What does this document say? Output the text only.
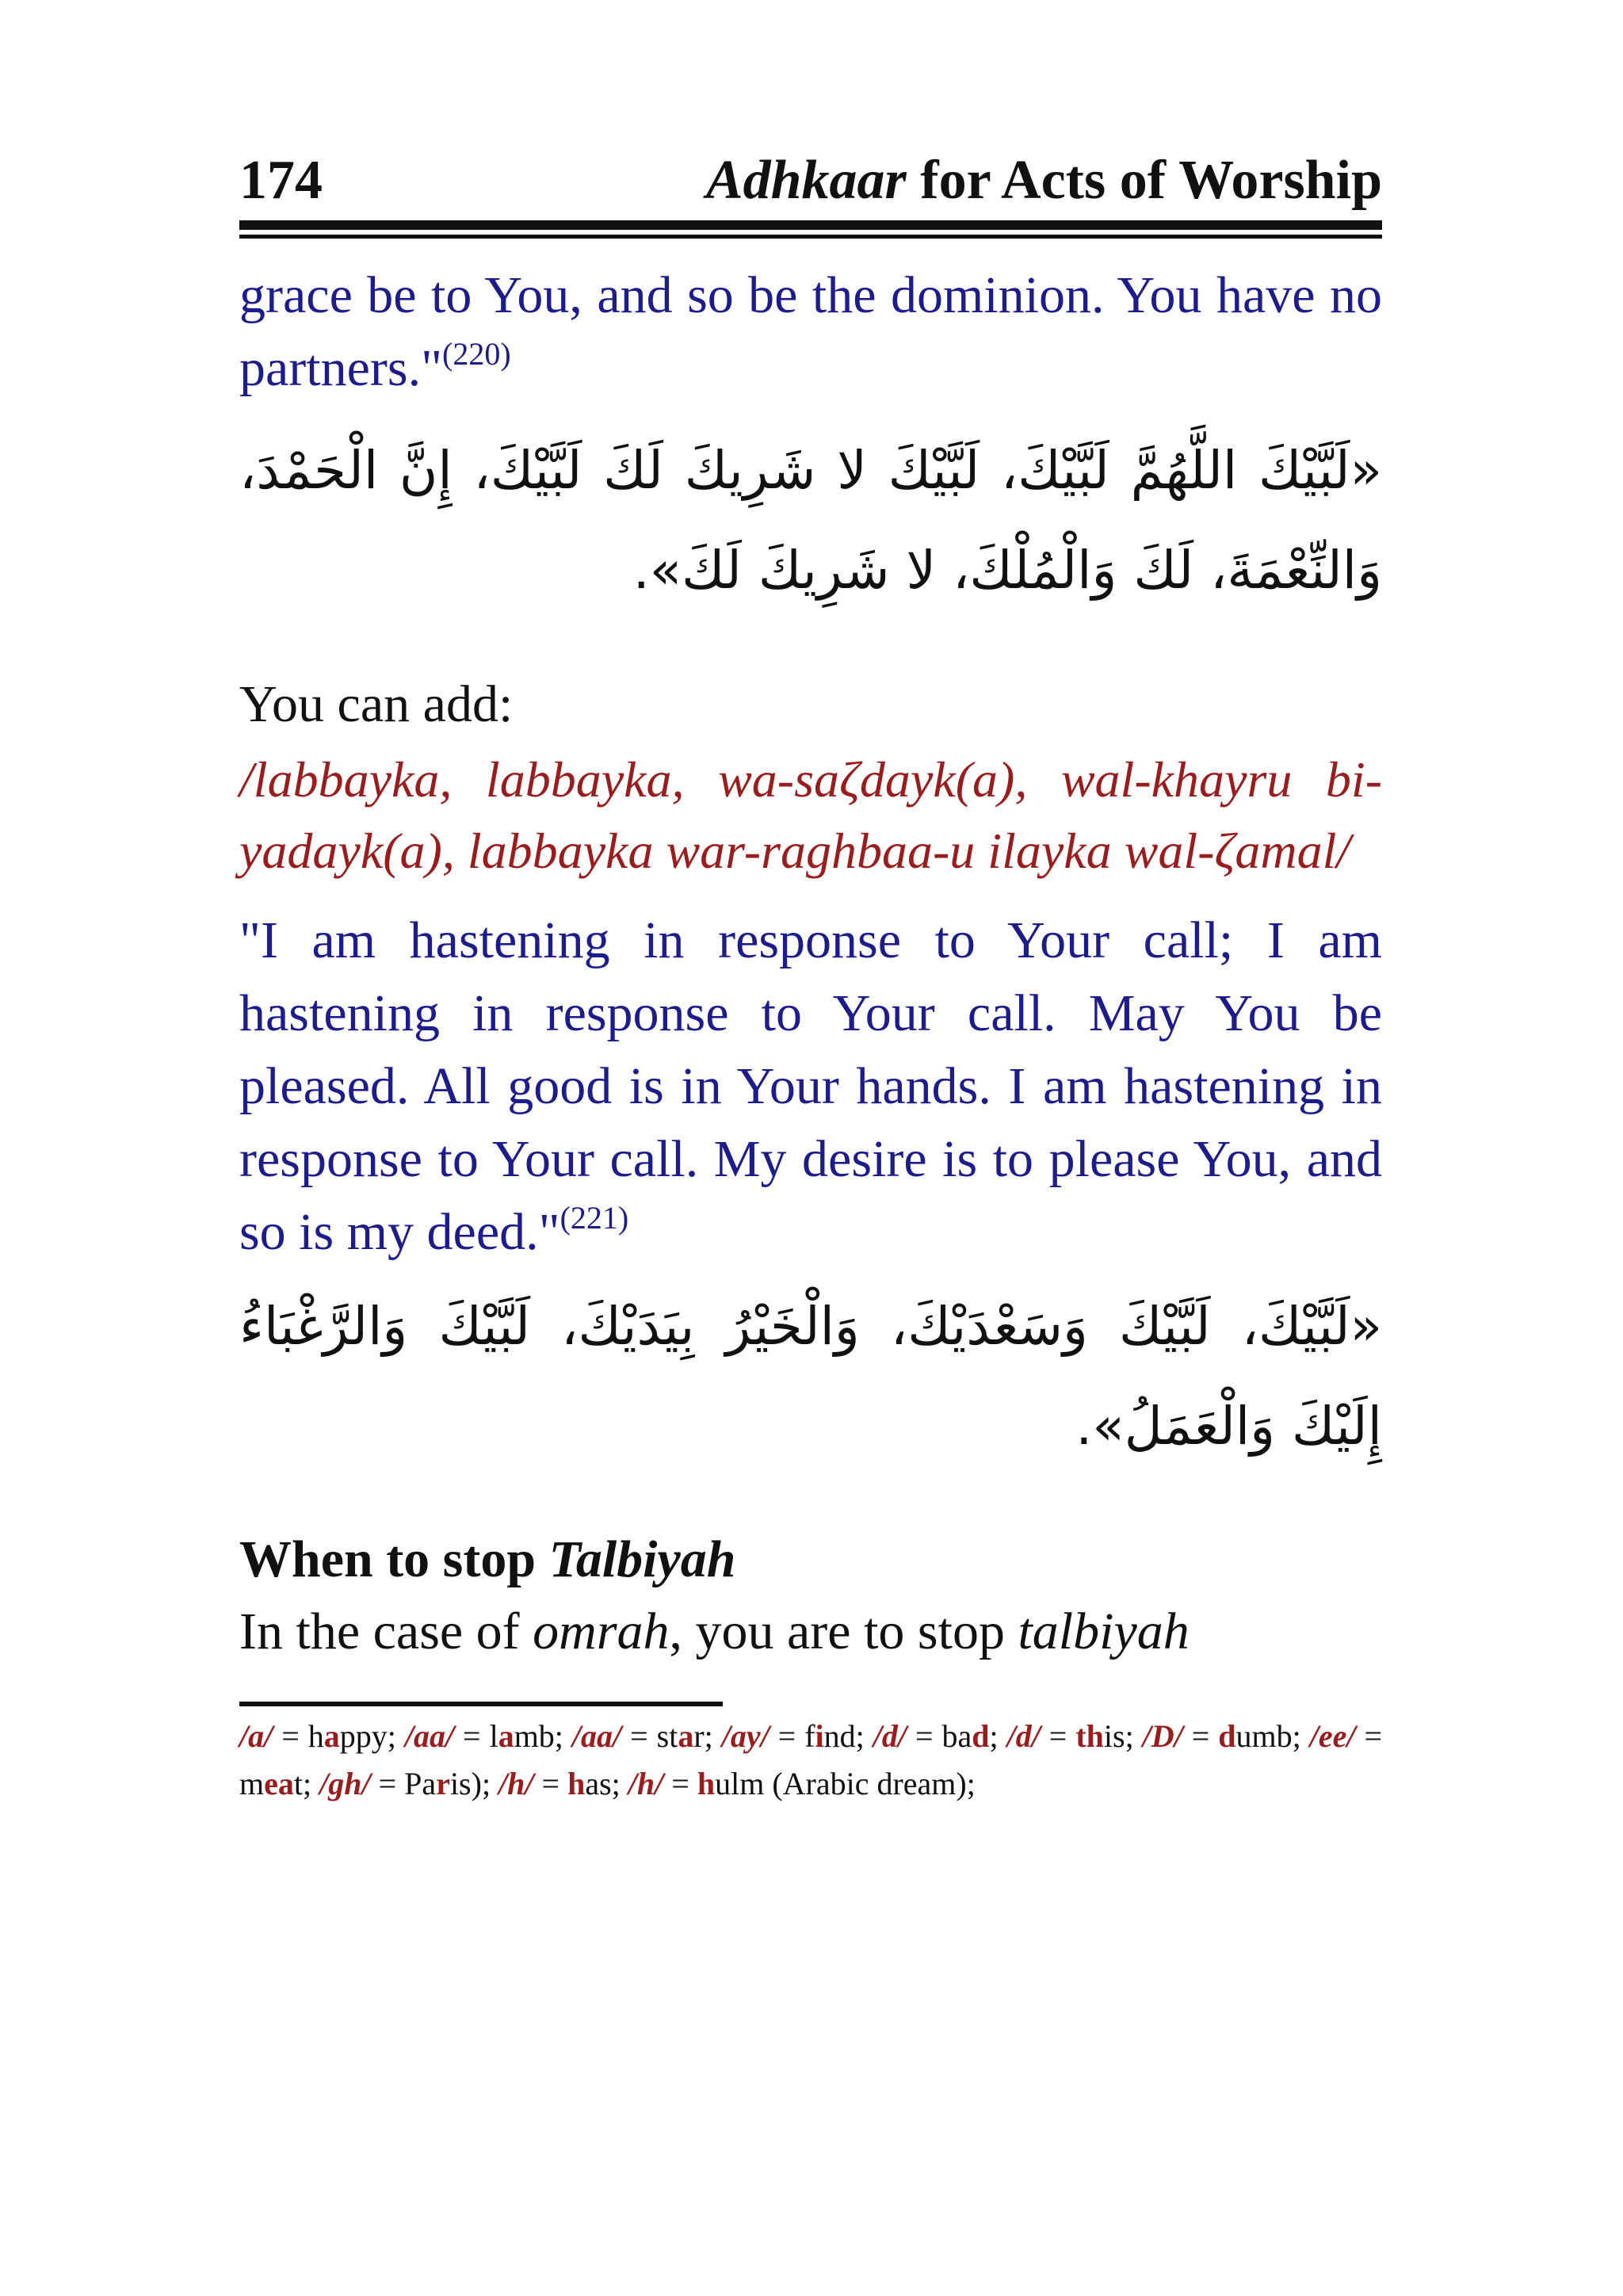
174	Adhkaar for Acts of Worship
grace be to You, and so be the dominion. You have no partners."$^{(220)}$
«لَبَّيْكَ اللَّهُمَّ لَبَّيْكَ، لَبَّيْكَ لا شَرِيكَ لَكَ لَبَّيْكَ، إِنَّ الْحَمْدَ، وَالنِّعْمَةَ، لَكَ وَالْمُلْكَ، لا شَرِيكَ لَكَ».
You can add:
/labbayka, labbayka, wa-saζdayk(a), wal-khayru bi-yadayk(a), labbayka war-raghbaa-u ilayka wal-ζamal/
"I am hastening in response to Your call; I am hastening in response to Your call. May You be pleased. All good is in Your hands. I am hastening in response to Your call. My desire is to please You, and so is my deed."$^{(221)}$
«لَبَّيْكَ، لَبَّيْكَ وَسَعْدَيْكَ، وَالْخَيْرُ بِيَدَيْكَ، لَبَّيْكَ وَالرَّغْبَاءُ إِلَيْكَ وَالْعَمَلُ».
When to stop Talbiyah
In the case of omrah, you are to stop talbiyah
/a/ = happy; /aa/ = lamb; /aa/ = star; /ay/ = find; /d/ = bad; /d/ = this; /D/ = dumb; /ee/ = meat; /gh/ = Paris); /h/ = has; /h/ = hulm (Arabic dream);
